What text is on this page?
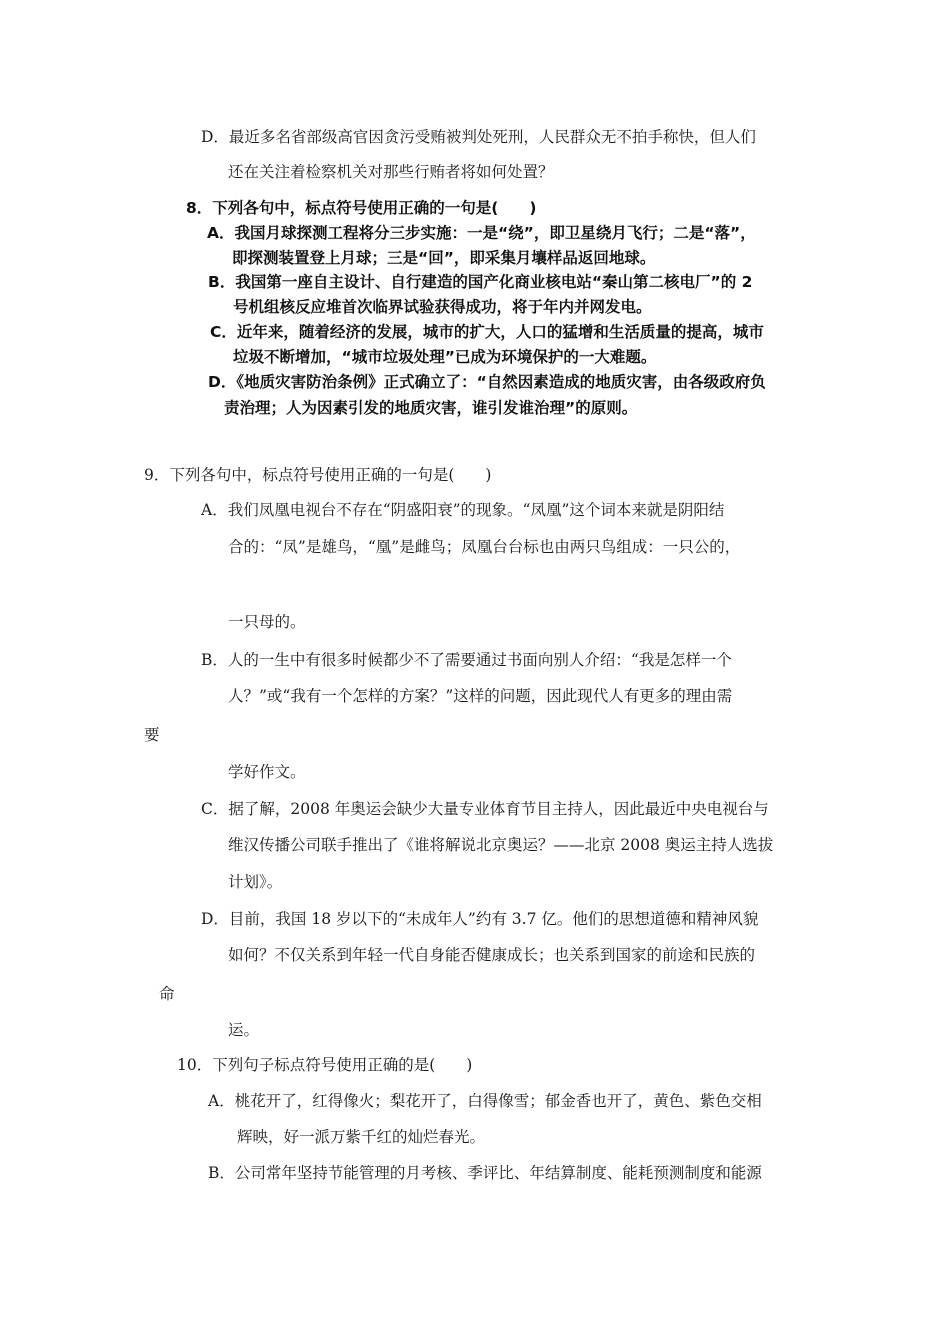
D．最近多名省部级高官因贪污受贿被判处死刑，人民群众无不拍手称快，但人们
还在关注着检察机关对那些行贿者将如何处置？
8．下列各句中，标点符号使用正确的一句是(　　)
A．我国月球探测工程将分三步实施：一是“绕”，即卫星绕月飞行；二是“落”，
即探测装置登上月球；三是“回”，即采集月壤样品返回地球。
B．我国第一座自主设计、自行建造的国产化商业核电站“秦山第二核电厂”的 2
号机组核反应堆首次临界试验获得成功，将于年内并网发电。
C．近年来，随着经济的发展，城市的扩大，人口的猛增和生活质量的提高，城市
垃圾不断增加，“城市垃圾处理”已成为环境保护的一大难题。
D．《地质灾害防治条例》正式确立了：“自然因素造成的地质灾害，由各级政府负
责治理；人为因素引发的地质灾害，谁引发谁治理”的原则。
9．下列各句中，标点符号使用正确的一句是(　　)
A．我们凤凰电视台不存在“阴盛阳衰”的现象。“凤凰”这个词本来就是阴阳结
合的：“凤”是雄鸟，“凰”是雌鸟；凤凰台台标也由两只鸟组成：一只公的，
一只母的。
B．人的一生中有很多时候都少不了需要通过书面向别人介绍：“我是怎样一个
人？”或“我有一个怎样的方案？”这样的问题，因此现代人有更多的理由需
要
学好作文。
C．据了解，2008 年奥运会缺少大量专业体育节目主持人，因此最近中央电视台与
维汉传播公司联手推出了《谁将解说北京奥运？——北京 2008 奥运主持人选拔
计划》。
D．目前，我国 18 岁以下的“未成年人”约有 3.7 亿。他们的思想道德和精神风貌
如何？不仅关系到年轻一代自身能否健康成长；也关系到国家的前途和民族的
命
运。
10．下列句子标点符号使用正确的是(　　)
A．桃花开了，红得像火；梨花开了，白得像雪；郁金香也开了，黄色、紫色交相
辉映，好一派万紫千红的灿烂春光。
B．公司常年坚持节能管理的月考核、季评比、年结算制度、能耗预测制度和能源
